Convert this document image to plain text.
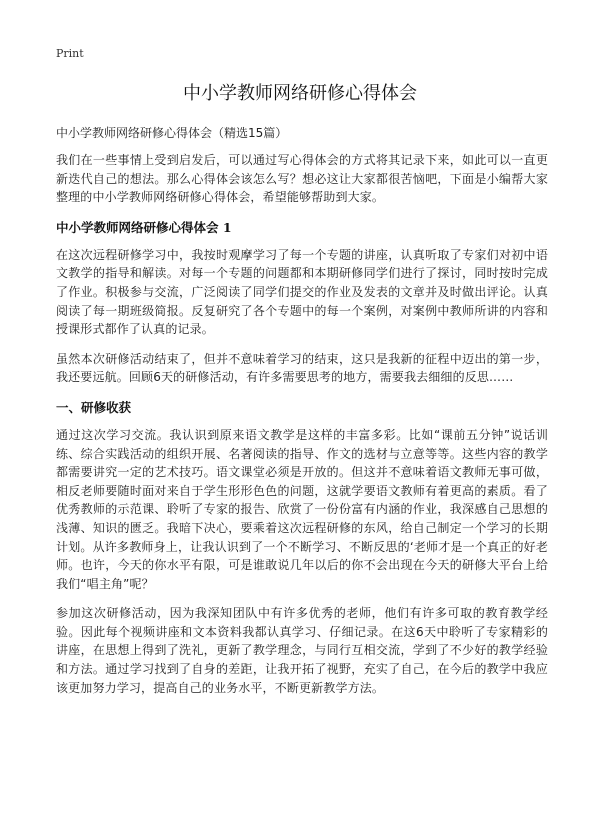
Print
中小学教师网络研修心得体会
中小学教师网络研修心得体会（精选15篇）

我们在一些事情上受到启发后，可以通过写心得体会的方式将其记录下来，如此可以一直更新迭代自己的想法。那么心得体会该怎么写？想必这让大家都很苦恼吧，下面是小编帮大家整理的中小学教师网络研修心得体会，希望能够帮助到大家。

中小学教师网络研修心得体会 1

在这次远程研修学习中，我按时观摩学习了每一个专题的讲座，认真听取了专家们对初中语文教学的指导和解读。对每一个专题的问题都和本期研修同学们进行了探讨，同时按时完成了作业。积极参与交流，广泛阅读了同学们提交的作业及发表的文章并及时做出评论。认真阅读了每一期班级简报。反复研究了各个专题中的每一个案例，对案例中教师所讲的内容和授课形式都作了认真的记录。

虽然本次研修活动结束了，但并不意味着学习的结束，这只是我新的征程中迈出的第一步，我还要远航。回顾6天的研修活动，有许多需要思考的地方，需要我去细细的反思……

一、研修收获

通过这次学习交流。我认识到原来语文教学是这样的丰富多彩。比如“课前五分钟”说话训练、综合实践活动的组织开展、名著阅读的指导、作文的选材与立意等等。这些内容的教学都需要讲究一定的艺术技巧。语文课堂必须是开放的。但这并不意味着语文教师无事可做，相反老师要随时面对来自于学生形形色色的问题，这就学要语文教师有着更高的素质。看了优秀教师的示范课、聆听了专家的报告、欣赏了一份份富有内涵的作业，我深感自己思想的浅薄、知识的匮乏。我暗下决心，要乘着这次远程研修的东风，给自己制定一个学习的长期计划。从许多教师身上，让我认识到了一个不断学习、不断反思的‘老师才是一个真正的好老师。也许，今天的你水平有限，可是谁敢说几年以后的你不会出现在今天的研修大平台上给我们“唱主角”呢？

参加这次研修活动，因为我深知团队中有许多优秀的老师，他们有许多可取的教育教学经验。因此每个视频讲座和文本资料我都认真学习、仔细记录。在这6天中聆听了专家精彩的讲座，在思想上得到了洗礼，更新了教学理念，与同行互相交流，学到了不少好的教学经验和方法。通过学习找到了自身的差距，让我开拓了视野，充实了自己，在今后的教学中我应该更加努力学习，提高自己的业务水平，不断更新教学方法。
